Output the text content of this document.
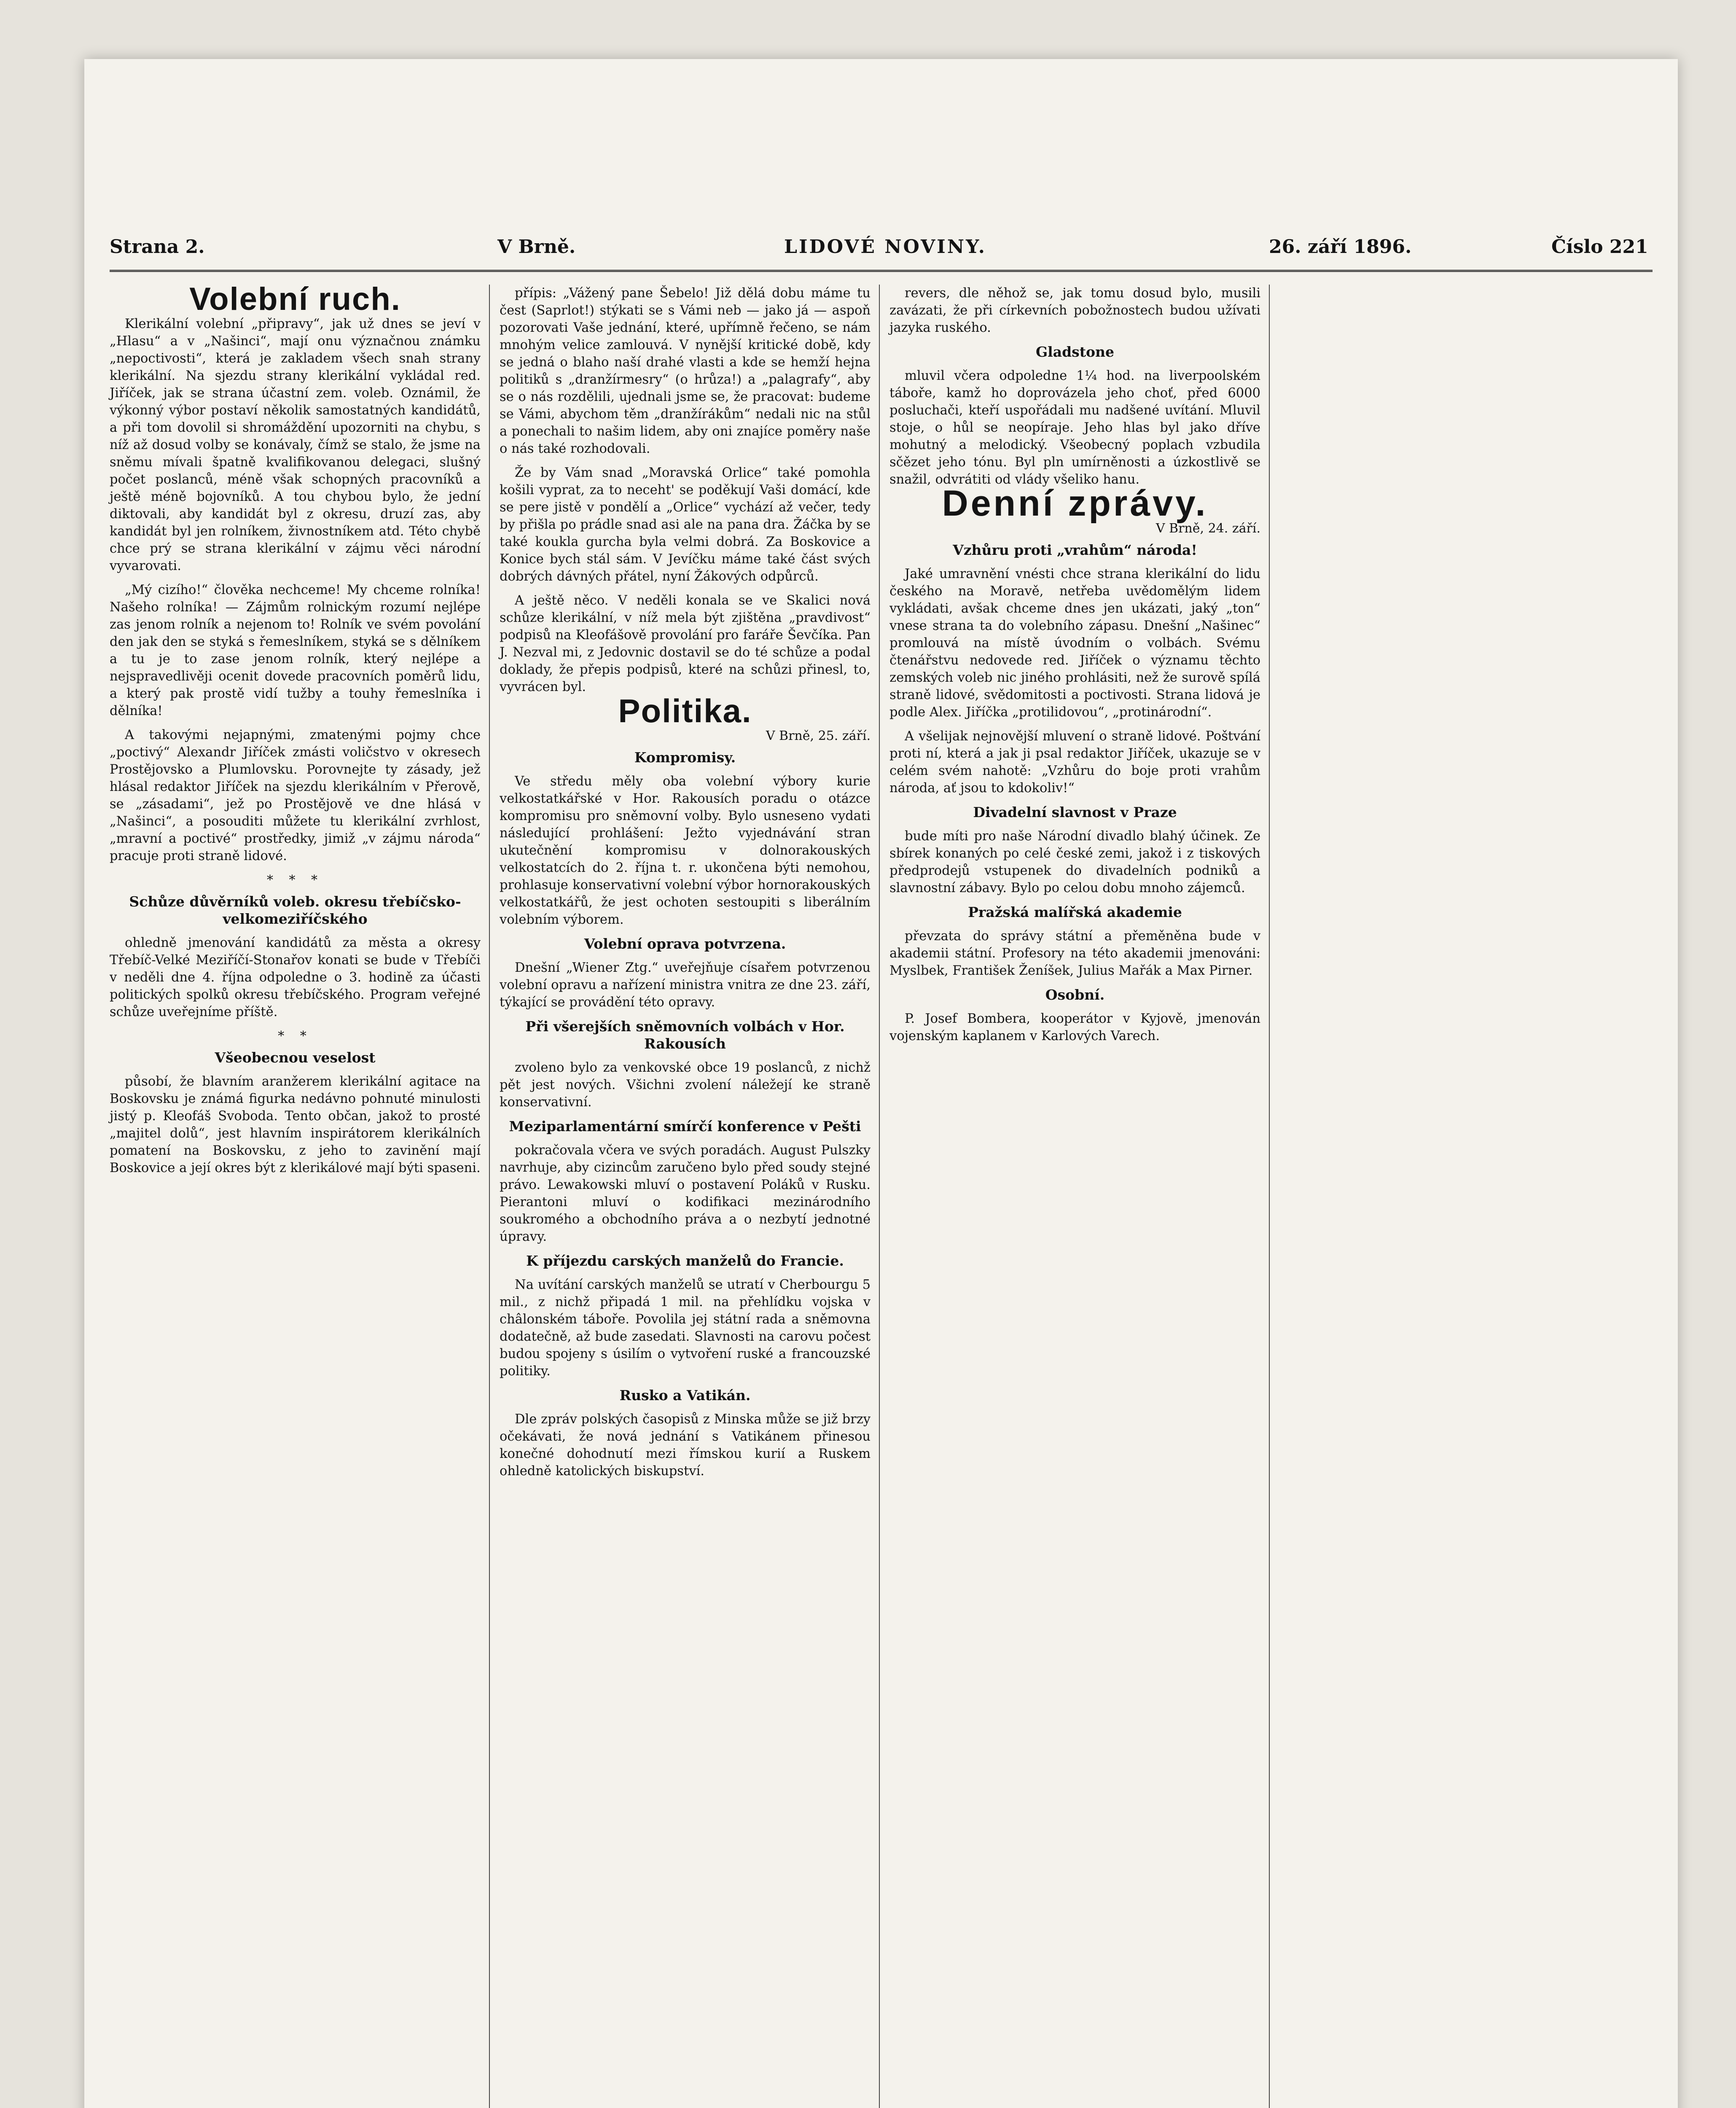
Strana 2.	V Brně.	LIDOVÉ NOVINY.	26. září 1896.	Číslo 221
Volební ruch.

Klerikální volební „připravy“, jak už dnes se jeví v „Hlasu“ a v „Našinci“, mají onu význačnou známku „nepoctivosti“, která je zakladem všech snah strany klerikální. Na sjezdu strany klerikální vykládal red. Jiříček, jak se strana účastní zem. voleb. Oznámil, že výkonný výbor postaví několik samostatných kandidátů, a při tom dovolil si shromáždění upozorniti na chybu, s níž až dosud volby se konávaly, čímž se stalo, že jsme na sněmu mívali špatně kvalifikovanou delegaci, slušný počet poslanců, méně však schopných pracovníků a ještě méně bojovníků. A tou chybou bylo, že jední diktovali, aby kandidát byl z okresu, druzí zas, aby kandidát byl jen rolníkem, živnostníkem atd. Této chybě chce prý se strana klerikální v zájmu věci národní vyvarovati.

„Mý cizího!“ člověka nechceme! My chceme rolníka! Našeho rolníka! — Zájmům rolnickým rozumí nejlépe zas jenom rolník a nejenom to! Rolník ve svém povolání den jak den se styká s řemeslníkem, styká se s dělníkem a tu je to zase jenom rolník, který nejlépe a nejspravedlivěji ocenit dovede pracovních poměrů lidu, a který pak prostě vidí tužby a touhy řemeslníka i dělníka!

A takovými nejapnými, zmatenými pojmy chce „poctivý“ Alexandr Jiříček zmásti voličstvo v okresech Prostějovsko a Plumlovsku. Porovnejte ty zásady, jež hlásal redaktor Jiříček na sjezdu klerikálním v Přerově, se „zásadami“, jež po Prostějově ve dne hlásá v „Našinci“, a posouditi můžete tu klerikální zvrhlost, „mravní a poctivé“ prostředky, jimiž „v zájmu národa“ pracuje proti straně lidové.

* * *

Schůze důvěrníků voleb. okresu třebíčsko-velkomeziříčského

ohledně jmenování kandidátů za města a okresy Třebíč-Velké Meziříčí-Stonařov konati se bude v Třebíči v neděli dne 4. října odpoledne o 3. hodině za účasti politických spolků okresu třebíčského. Program veřejné schůze uveřejníme příště.

* *

Všeobecnou veselost

působí, že blavním aranžerem klerikální agitace na Boskovsku je známá figurka nedávno pohnuté minulosti jistý p. Kleofáš Svoboda. Tento občan, jakož to prosté „majitel dolů“, jest hlavním inspirátorem klerikálních pomatení na Boskovsku, z jeho to zavinění mají Boskovice a její okres být z klerikálové mají býti spaseni.

přípis: „Vážený pane Šebelo! Již dělá dobu máme tu čest (Saprlot!) stýkati se s Vámi neb — jako já — aspoň pozorovati Vaše jednání, které, upřímně řečeno, se nám mnohým velice zamlouvá. V nynější kritické době, kdy se jedná o blaho naší drahé vlasti a kde se hemží hejna politiků s „dranžírmesry“ (o hrůza!) a „palagrafy“, aby se o nás rozdělili, ujednali jsme se, že pracovat: budeme se Vámi, abychom těm „dranžírákům“ nedali nic na stůl a ponechali to našim lidem, aby oni znajíce poměry naše o nás také rozhodovali.

Že by Vám snad „Moravská Orlice“ také pomohla košili vyprat, za to neceht' se poděkují Vaši domácí, kde se pere jistě v pondělí a „Orlice“ vychází až večer, tedy by přišla po prádle snad asi ale na pana dra. Žáčka by se také koukla gurcha byla velmi dobrá. Za Boskovice a Konice bych stál sám. V Jevíčku máme také část svých dobrých dávných přátel, nyní Žákových odpůrců.

A ještě něco. V neděli konala se ve Skalici nová schůze klerikální, v níž mela být zjištěna „pravdivost“ podpisů na Kleofášově provolání pro faráře Ševčíka. Pan J. Nezval mi, z Jedovnic dostavil se do té schůze a podal doklady, že přepis podpisů, které na schůzi přinesl, to, vyvrácen byl.

Politika.
V Brně, 25. září.

Kompromisy.

Ve středu měly oba volební výbory kurie velkostatkářské v Hor. Rakousích poradu o otázce kompromisu pro sněmovní volby. Bylo usneseno vydati následující prohlášení: Ježto vyjednávání stran ukutečnění kompromisu v dolnorakouských velkostatcích do 2. října t. r. ukončena býti nemohou, prohlasuje konservativní volební výbor hornorakouských velkostatkářů, že jest ochoten sestoupiti s liberálním volebním výborem.

Volební oprava potvrzena.

Dnešní „Wiener Ztg.“ uveřejňuje císařem potvrzenou volební opravu a nařízení ministra vnitra ze dne 23. září, týkající se provádění této opravy.

Při všerejších sněmovních volbách v Hor. Rakousích

zvoleno bylo za venkovské obce 19 poslanců, z nichž pět jest nových. Všichni zvolení náležejí ke straně konservativní.

Meziparlamentární smírčí konference v Pešti

pokračovala včera ve svých poradách. August Pulszky navrhuje, aby cizincům zaručeno bylo před soudy stejné právo. Lewakowski mluví o postavení Poláků v Rusku. Pierantoni mluví o kodifikaci mezinárodního soukromého a obchodního práva a o nezbytí jednotné úpravy.

K příjezdu carských manželů do Francie.

Na uvítání carských manželů se utratí v Cherbourgu 5 mil., z nichž připadá 1 mil. na přehlídku vojska v châlonském táboře. Povolila jej státní rada a sněmovna dodatečně, až bude zasedati. Slavnosti na carovu počest budou spojeny s úsilím o vytvoření ruské a francouzské politiky.

Rusko a Vatikán.

Dle zpráv polských časopisů z Minska může se již brzy očekávati, že nová jednání s Vatikánem přinesou konečné dohodnutí mezi římskou kurií a Ruskem ohledně katolických biskupství.

revers, dle něhož se, jak tomu dosud bylo, musili zavázati, že při církevních pobožnostech budou užívati jazyka ruského.

Gladstone

mluvil včera odpoledne 1¼ hod. na liverpoolském táboře, kamž ho doprovázela jeho choť, před 6000 posluchači, kteří uspořádali mu nadšené uvítání. Mluvil stoje, o hůl se neopíraje. Jeho hlas byl jako dříve mohutný a melodický. Všeobecný poplach vzbudila sčězet jeho tónu. Byl pln umírněnosti a úzkostlivě se snažil, odvrátiti od vlády všeliko hanu.

Denní zprávy.
V Brně, 24. září.

Vzhůru proti „vrahům“ národa!

Jaké umravnění vnésti chce strana klerikální do lidu českého na Moravě, netřeba uvědomělým lidem vykládati, avšak chceme dnes jen ukázati, jaký „ton“ vnese strana ta do volebního zápasu. Dnešní „Našinec“ promlouvá na místě úvodním o volbách. Svému čtenářstvu nedovede red. Jiříček o významu těchto zemských voleb nic jiného prohlásiti, než že surově spílá straně lidové, svědomitosti a poctivosti. Strana lidová je podle Alex. Jiříčka „protilidovou“, „protinárodní“.

A všelijak nejnovější mluvení o straně lidové. Poštvání proti ní, která a jak ji psal redaktor Jiříček, ukazuje se v celém svém nahotě: „Vzhůru do boje proti vrahům národa, ať jsou to kdokoliv!“

Divadelní slavnost v Praze

bude míti pro naše Národní divadlo blahý účinek. Ze sbírek konaných po celé české zemi, jakož i z tiskových předprodejů vstupenek do divadelních podniků a slavnostní zábavy. Bylo po celou dobu mnoho zájemců.

Pražská malířská akademie

převzata do správy státní a přeměněna bude v akademii státní. Profesory na této akademii jmenováni: Myslbek, František Ženíšek, Julius Mařák a Max Pirner.

Osobní.

P. Josef Bombera, kooperátor v Kyjově, jmenován vojenským kaplanem v Karlových Varech.
